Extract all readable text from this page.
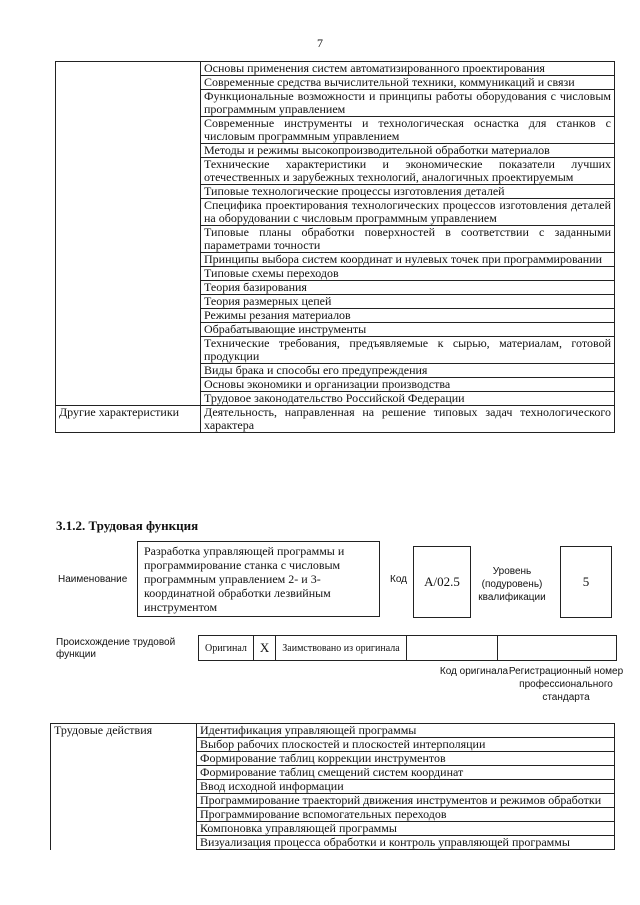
7
	Основы применения систем автоматизированного проектирования
	Современные средства вычислительной техники, коммуникаций и связи
	Функциональные возможности и принципы работы оборудования с числовым программным управлением
	Современные инструменты и технологическая оснастка для станков с числовым программным управлением
	Методы и режимы высокопроизводительной обработки материалов
	Технические характеристики и экономические показатели лучших отечественных и зарубежных технологий, аналогичных проектируемым
	Типовые технологические процессы изготовления деталей
	Специфика проектирования технологических процессов изготовления деталей на оборудовании с числовым программным управлением
	Типовые планы обработки поверхностей в соответствии с заданными параметрами точности
	Принципы выбора систем координат и нулевых точек при программировании
	Типовые схемы переходов
	Теория базирования
	Теория размерных цепей
	Режимы резания материалов
	Обрабатывающие инструменты
	Технические требования, предъявляемые к сырью, материалам, готовой продукции
	Виды брака и способы его предупреждения
	Основы экономики и организации производства
	Трудовое законодательство Российской Федерации
Другие характеристики	Деятельность, направленная на решение типовых задач технологического характера
3.1.2. Трудовая функция
Наименование
Разработка управляющей программы и программирование станка с числовым программным управлением 2- и 3-координатной обработки лезвийным инструментом
Код	А/02.5
Уровень (подуровень) квалификации
5
Происхождение трудовой функции
Оригинал	X	Заимствовано из оригинала		
Код оригинала Регистрационный номер профессионального стандарта
Трудовые действия	Идентификация управляющей программы
Выбор рабочих плоскостей и плоскостей интерполяции
Формирование таблиц коррекции инструментов
Формирование таблиц смещений систем координат
Ввод исходной информации
Программирование траекторий движения инструментов и режимов обработки
Программирование вспомогательных переходов
Компоновка управляющей программы
Визуализация процесса обработки и контроль управляющей программы
